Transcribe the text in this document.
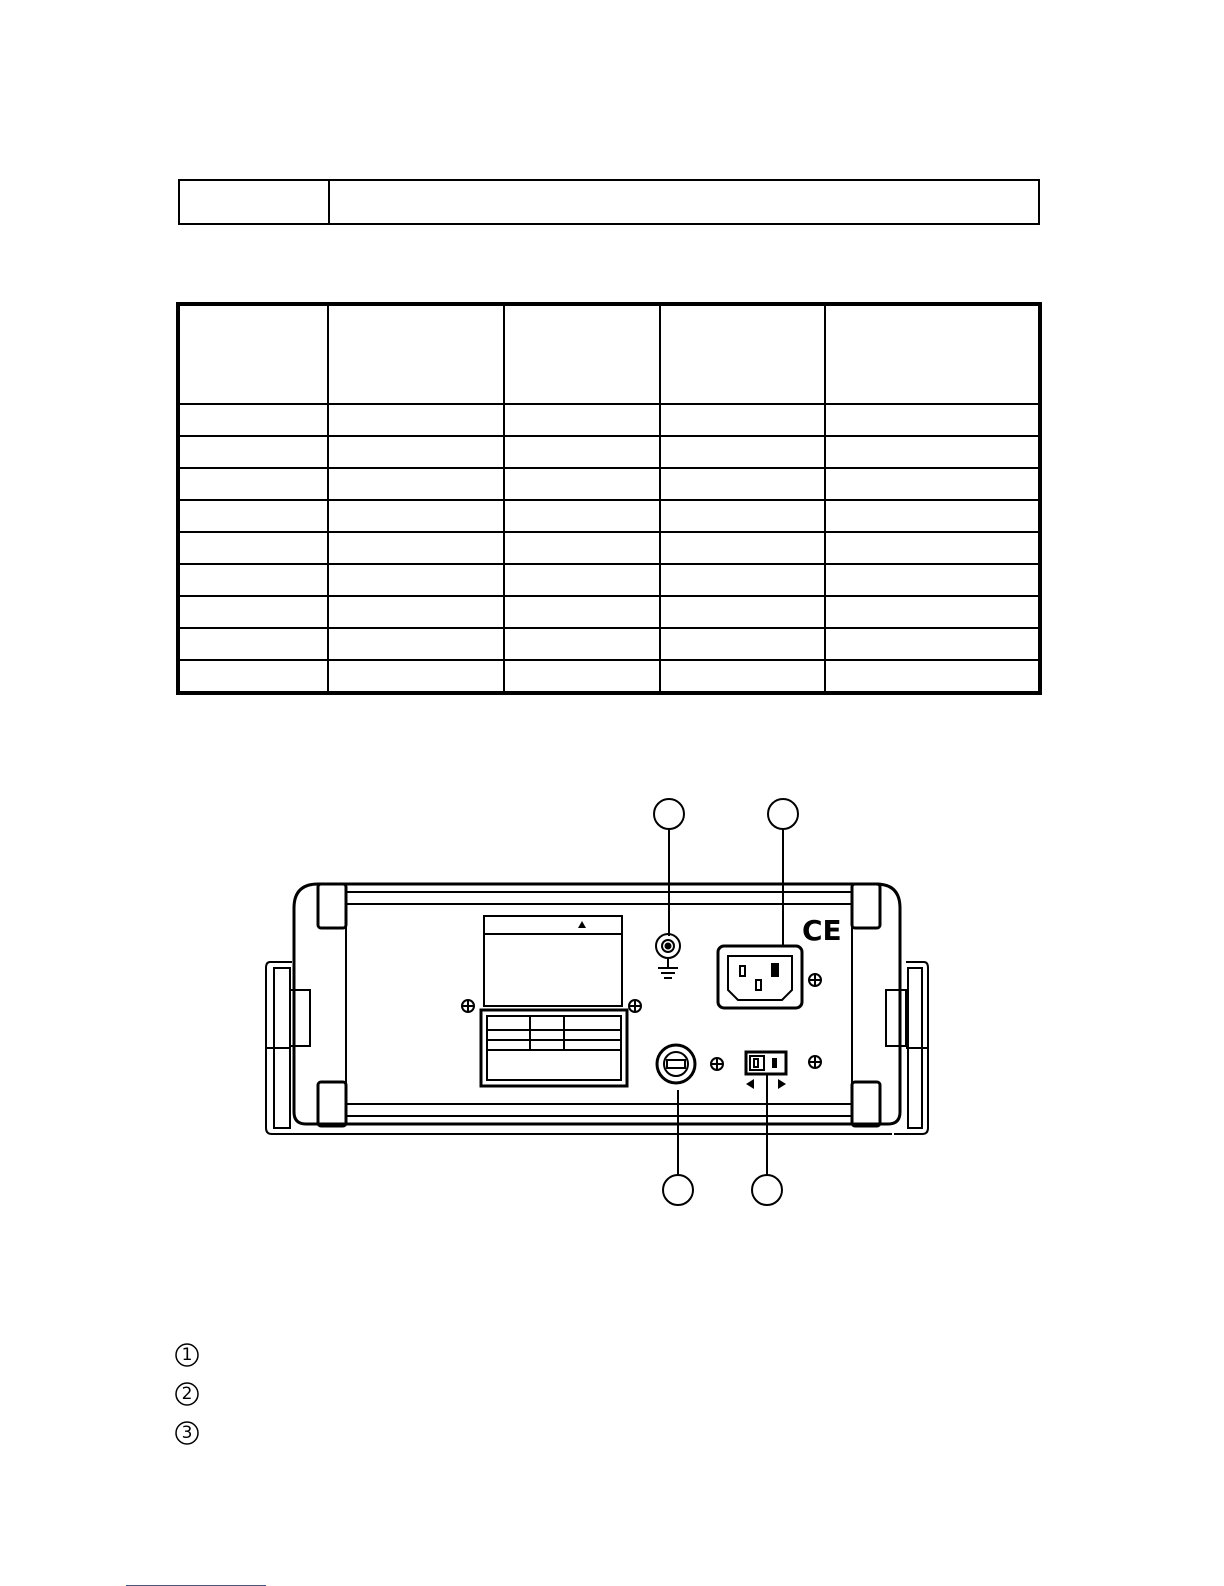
CE
1
2
3
